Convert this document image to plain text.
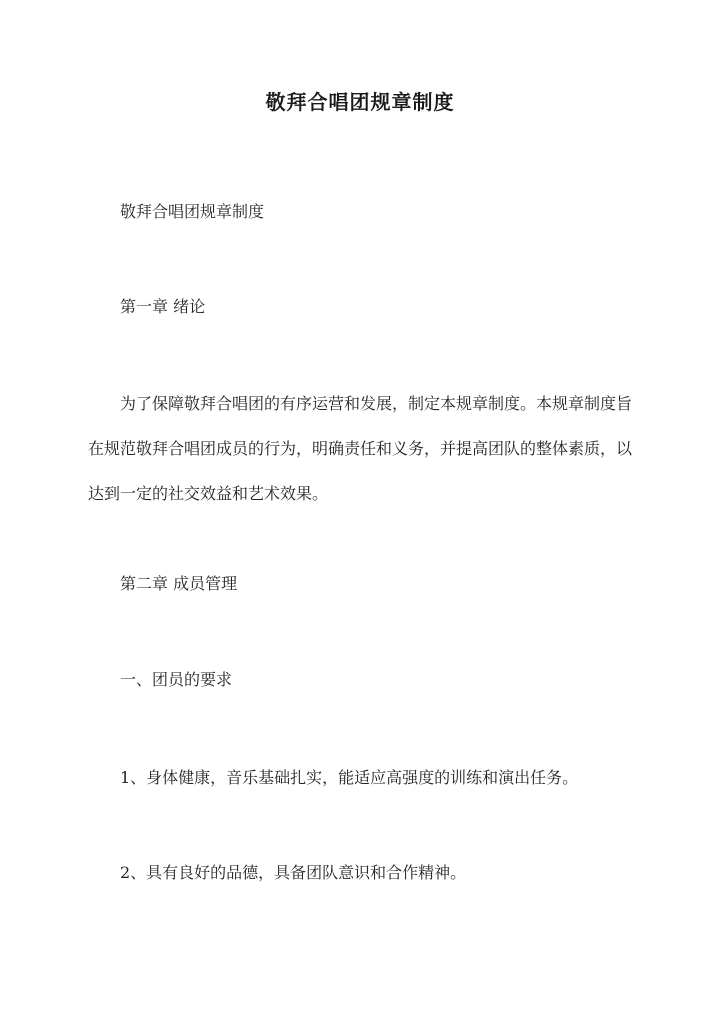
敬拜合唱团规章制度
敬拜合唱团规章制度
第一章 绪论
为了保障敬拜合唱团的有序运营和发展，制定本规章制度。本规章制度旨在规范敬拜合唱团成员的行为，明确责任和义务，并提高团队的整体素质，以达到一定的社交效益和艺术效果。
第二章 成员管理
一、团员的要求
1、身体健康，音乐基础扎实，能适应高强度的训练和演出任务。
2、具有良好的品德，具备团队意识和合作精神。
